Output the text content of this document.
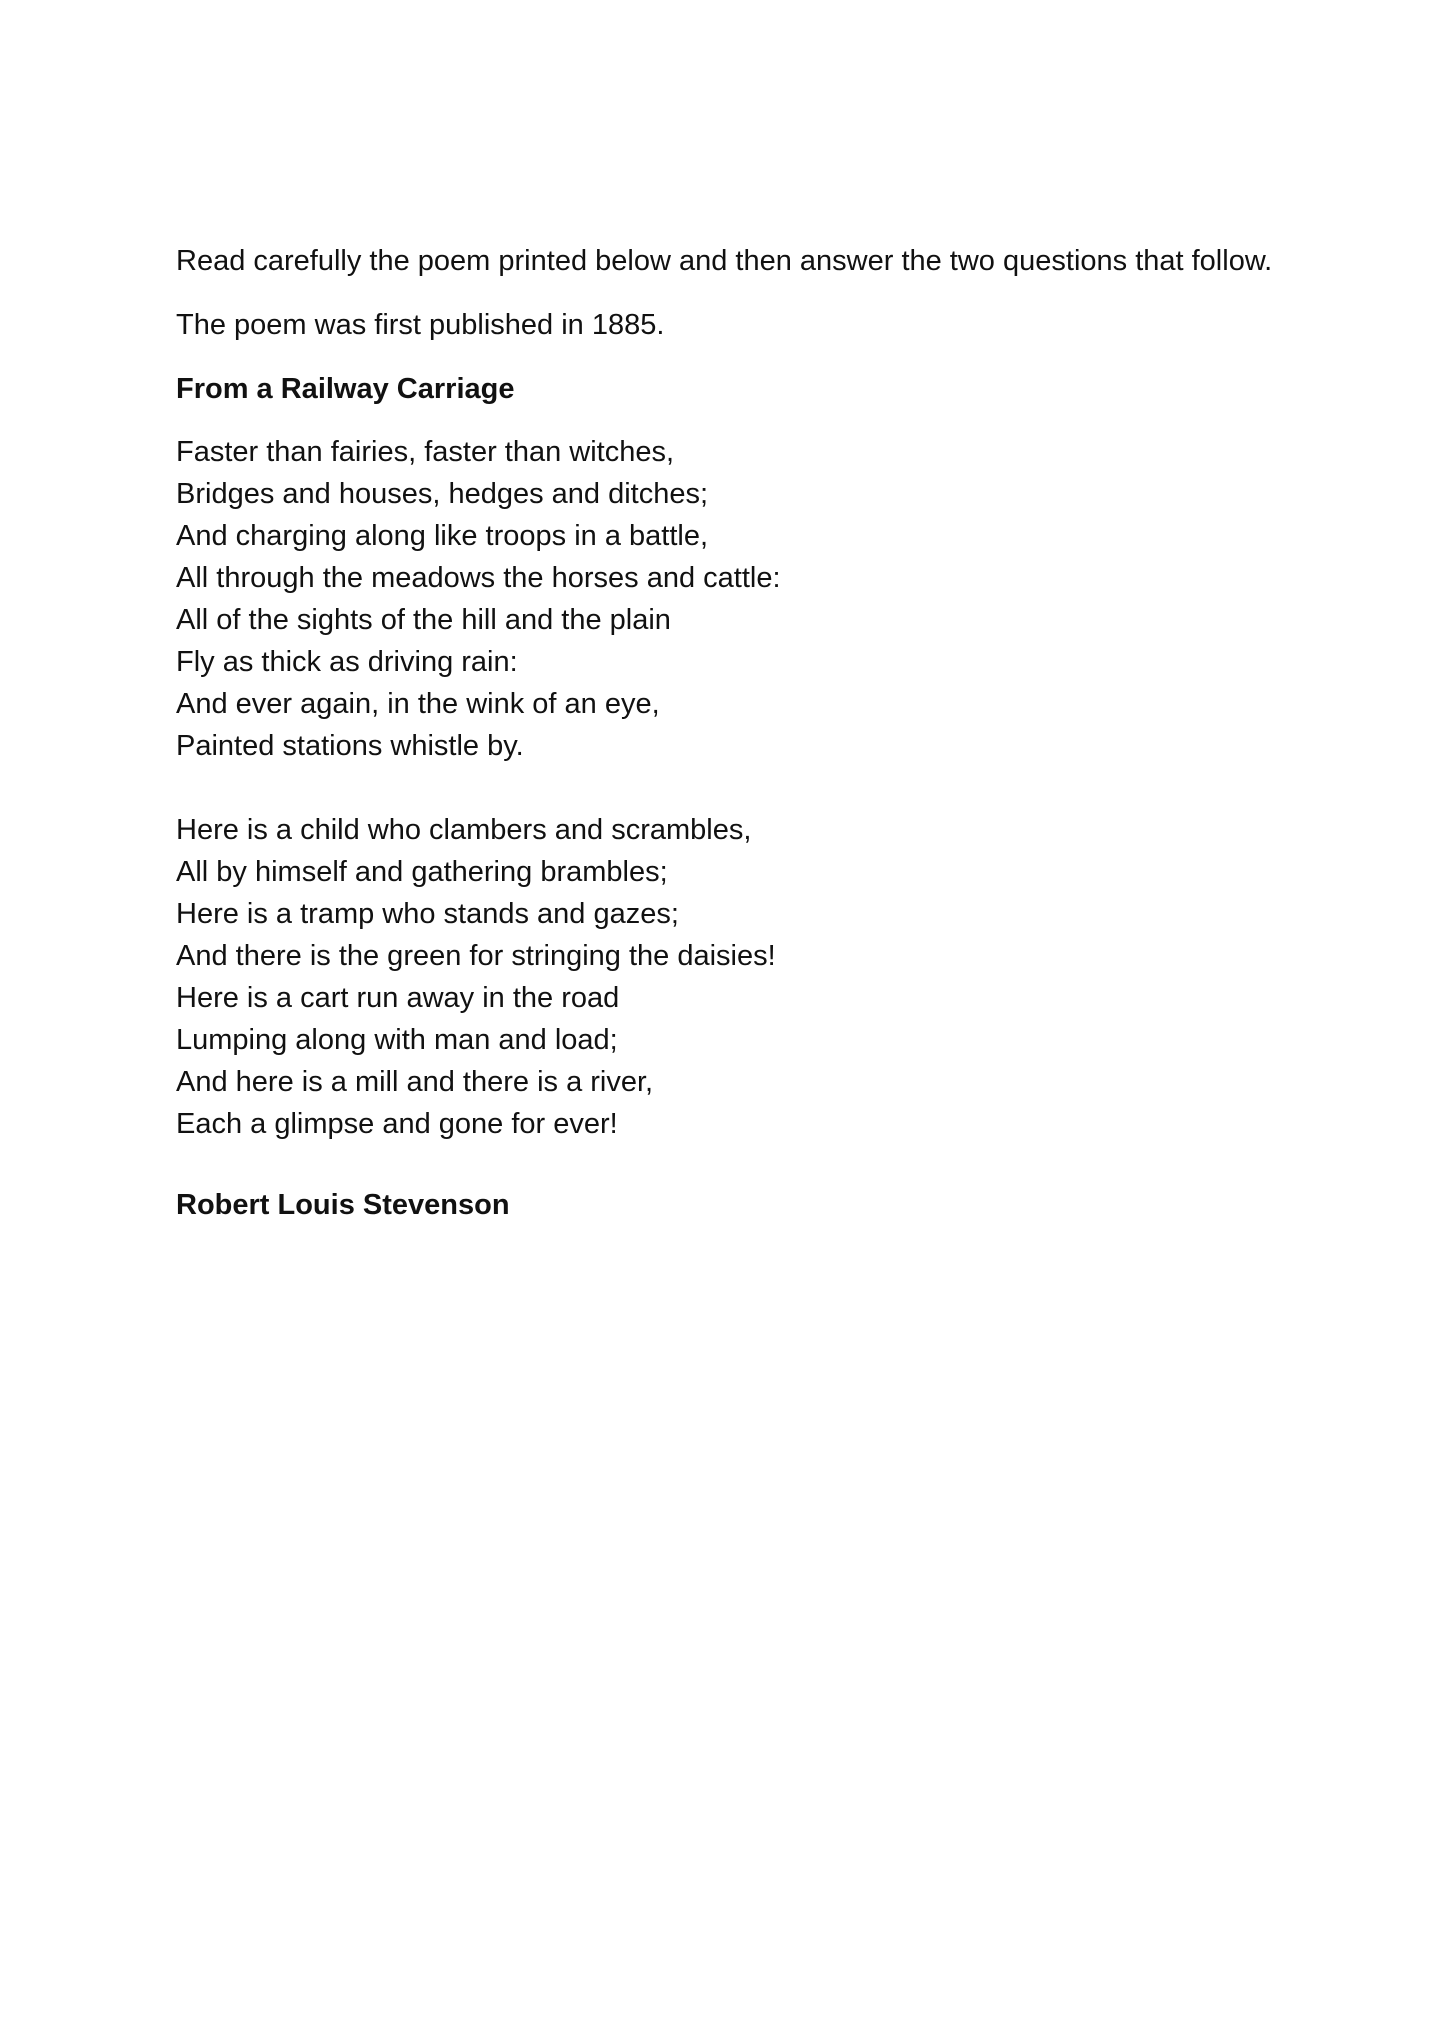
Read carefully the poem printed below and then answer the two questions that follow.

The poem was first published in 1885.

From a Railway Carriage

Faster than fairies, faster than witches,
Bridges and houses, hedges and ditches;
And charging along like troops in a battle,
All through the meadows the horses and cattle:
All of the sights of the hill and the plain
Fly as thick as driving rain:
And ever again, in the wink of an eye,
Painted stations whistle by.
Here is a child who clambers and scrambles,
All by himself and gathering brambles;
Here is a tramp who stands and gazes;
And there is the green for stringing the daisies!
Here is a cart run away in the road
Lumping along with man and load;
And here is a mill and there is a river,
Each a glimpse and gone for ever!

Robert Louis Stevenson
